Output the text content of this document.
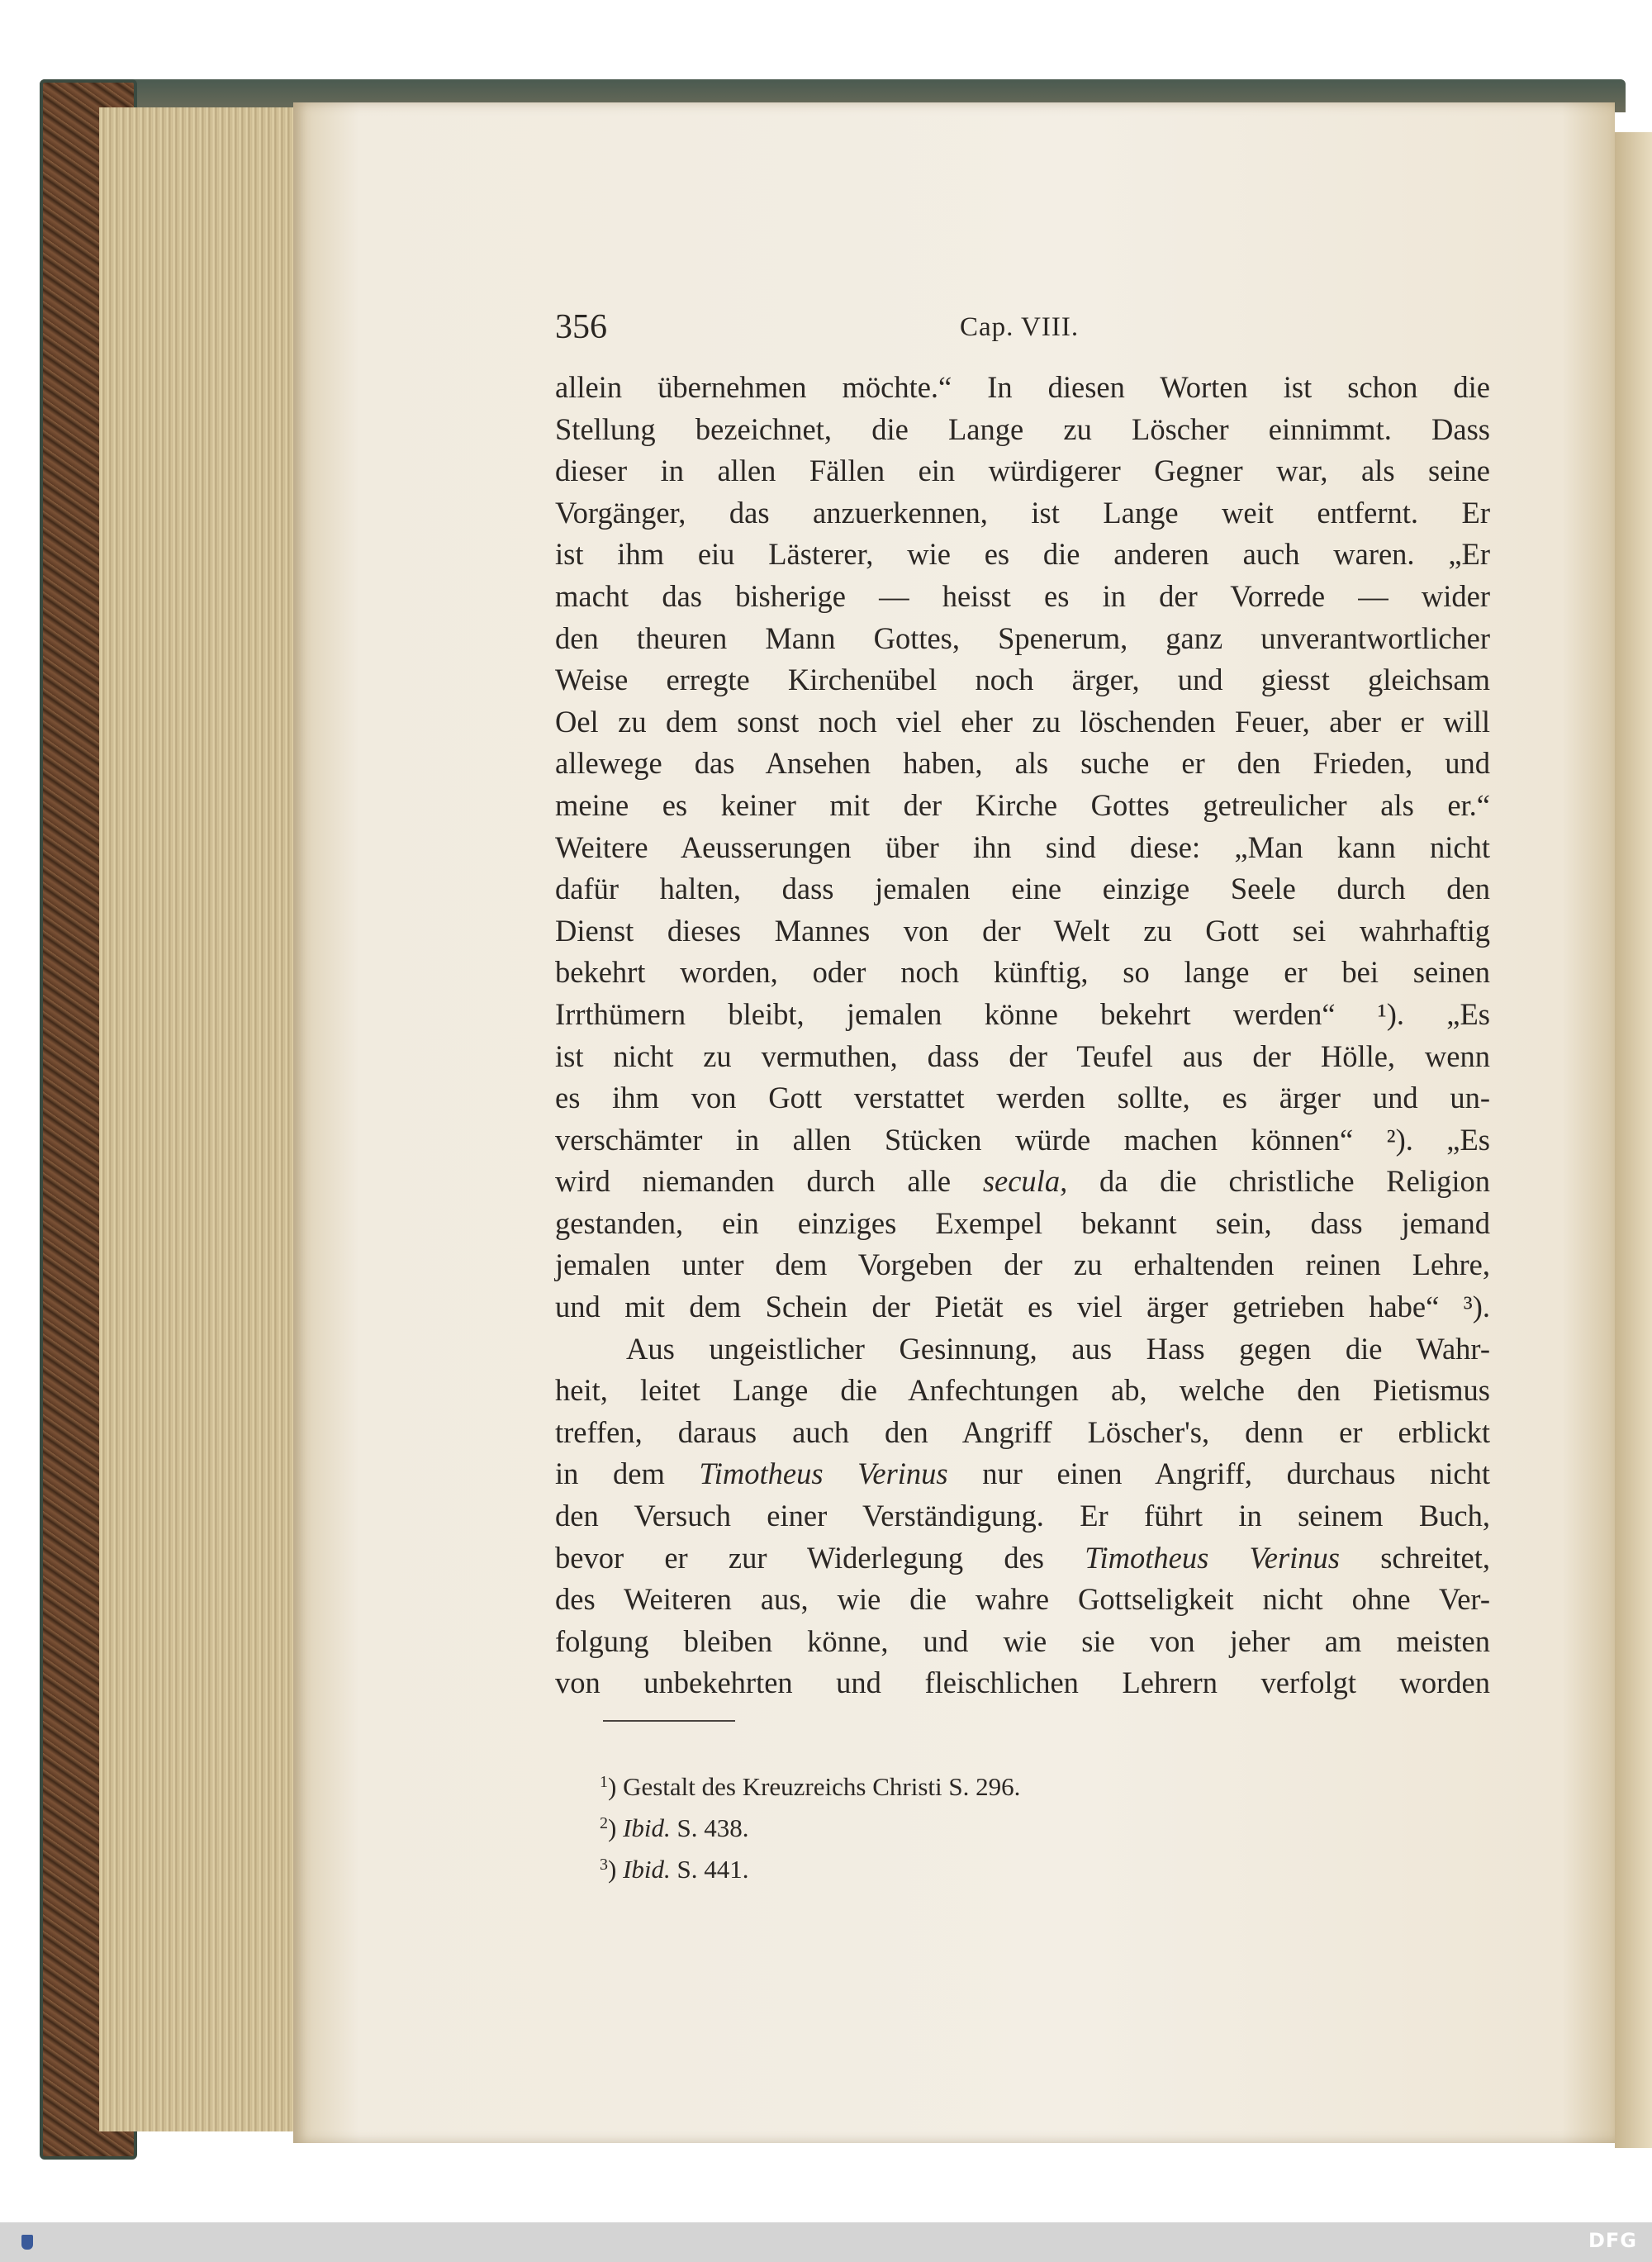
356	Cap. VIII.
allein übernehmen möchte.“ In diesen Worten ist schon die
Stellung bezeichnet, die Lange zu Löscher einnimmt. Dass
dieser in allen Fällen ein würdigerer Gegner war, als seine
Vorgänger, das anzuerkennen, ist Lange weit entfernt. Er
ist ihm eiu Lästerer, wie es die anderen auch waren. „Er
macht das bisherige — heisst es in der Vorrede — wider
den theuren Mann Gottes, Spenerum, ganz unverantwortlicher
Weise erregte Kirchenübel noch ärger, und giesst gleichsam
Oel zu dem sonst noch viel eher zu löschenden Feuer, aber er will
allewege das Ansehen haben, als suche er den Frieden, und
meine es keiner mit der Kirche Gottes getreulicher als er.“
Weitere Aeusserungen über ihn sind diese: „Man kann nicht
dafür halten, dass jemalen eine einzige Seele durch den
Dienst dieses Mannes von der Welt zu Gott sei wahrhaftig
bekehrt worden, oder noch künftig, so lange er bei seinen
Irrthümern bleibt, jemalen könne bekehrt werden“ ¹). „Es
ist nicht zu vermuthen, dass der Teufel aus der Hölle, wenn
es ihm von Gott verstattet werden sollte, es ärger und un-
verschämter in allen Stücken würde machen können“ ²). „Es
wird niemanden durch alle secula, da die christliche Religion
gestanden, ein einziges Exempel bekannt sein, dass jemand
jemalen unter dem Vorgeben der zu erhaltenden reinen Lehre,
und mit dem Schein der Pietät es viel ärger getrieben habe“ ³).
Aus ungeistlicher Gesinnung, aus Hass gegen die Wahr-
heit, leitet Lange die Anfechtungen ab, welche den Pietismus
treffen, daraus auch den Angriff Löscher's, denn er erblickt
in dem Timotheus Verinus nur einen Angriff, durchaus nicht
den Versuch einer Verständigung. Er führt in seinem Buch,
bevor er zur Widerlegung des Timotheus Verinus schreitet,
des Weiteren aus, wie die wahre Gottseligkeit nicht ohne Ver-
folgung bleiben könne, und wie sie von jeher am meisten
von unbekehrten und fleischlichen Lehrern verfolgt worden
$^1$) Gestalt des Kreuzreichs Christi S. 296.
$^2$) Ibid. S. 438.
$^3$) Ibid. S. 441.
DFG
